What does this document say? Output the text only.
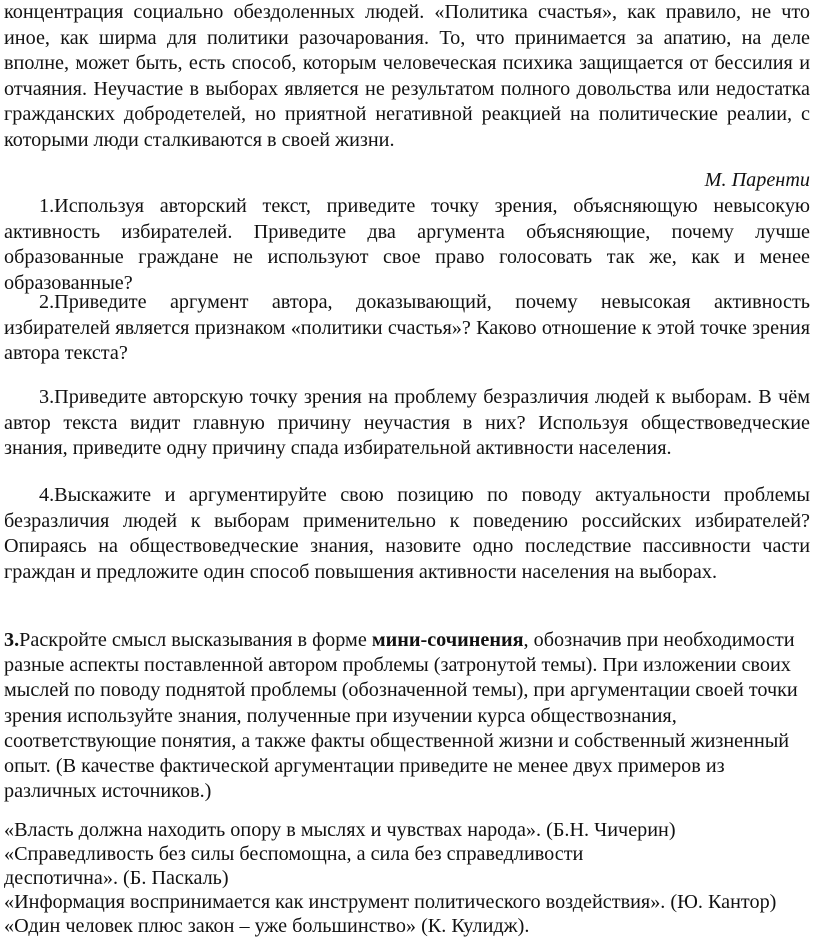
концентрация социально обездоленных людей. «Политика счастья», как правило, не что иное, как ширма для политики разочарования. То, что принимается за апатию, на деле вполне, может быть, есть способ, которым человеческая психика защищается от бессилия и отчаяния. Неучастие в выборах является не результатом полного довольства или недостатка гражданских добродетелей, но приятной негативной реакцией на политические реалии, с которыми люди сталкиваются в своей жизни.

М. Паренти

1.Используя авторский текст, приведите точку зрения, объясняющую невысокую активность избирателей. Приведите два аргумента объясняющие, почему лучше образованные граждане не используют свое право голосовать так же, как и менее образованные?

2.Приведите аргумент автора, доказывающий, почему невысокая активность избирателей является признаком «политики счастья»? Каково отношение к этой точке зрения автора текста?

3.Приведите авторскую точку зрения на проблему безразличия людей к выборам. В чём автор текста видит главную причину неучастия в них? Используя обществоведческие знания, приведите одну причину спада избирательной активности населения.

4.Выскажите и аргументируйте свою позицию по поводу актуальности проблемы безразличия людей к выборам применительно к поведению российских избирателей? Опираясь на обществоведческие знания, назовите одно последствие пассивности части граждан и предложите один способ повышения активности населения на выборах.

3.Раскройте смысл высказывания в форме мини-сочинения, обозначив при необходимости разные аспекты поставленной автором проблемы (затронутой темы). При изложении своих мыслей по поводу поднятой проблемы (обозначенной темы), при аргументации своей точки зрения используйте знания, полученные при изучении курса обществознания, соответствующие понятия, а также факты общественной жизни и собственный жизненный опыт. (В качестве фактической аргументации приведите не менее двух примеров из различных источников.)

«Власть должна находить опору в мыслях и чувствах народа». (Б.Н. Чичерин)
«Справедливость без силы беспомощна, а сила без справедливости деспотична». (Б. Паскаль)
«Информация воспринимается как инструмент политического воздействия». (Ю. Кантор)
«Один человек плюс закон – уже большинство» (К. Кулидж).
